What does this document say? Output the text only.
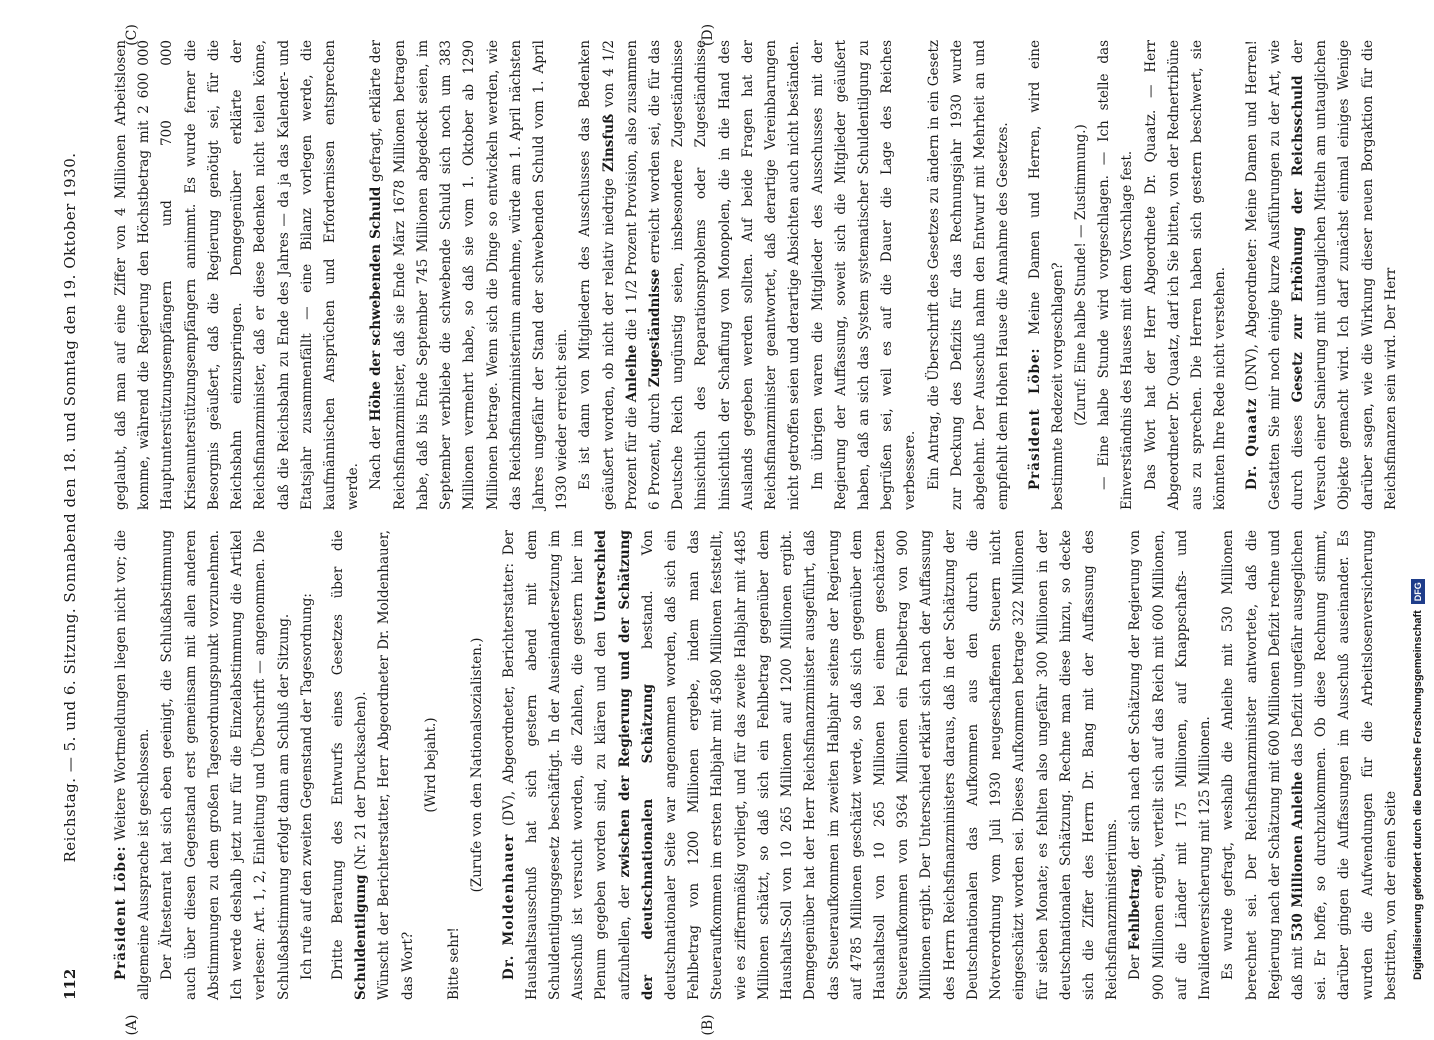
112
Reichstag. — 5. und 6. Sitzung. Sonnabend den 18. und Sonntag den 19. Oktober 1930.
(A)	(B)
(C)	(D)

Präsident Löbe: Weitere Wortmeldungen liegen nicht vor; die allgemeine Aussprache ist geschlossen. Der Ältestenrat hat sich eben geeinigt, die Schlußabstimmung auch über diesen Gegenstand erst gemeinsam mit allen anderen Abstimmungen zu dem großen Tagesordnungspunkt vorzunehmen. Ich werde deshalb jetzt nur für die Einzelabstimmung die Artikel verlesen: Art. 1, 2, Einleitung und Überschrift — angenommen. Die Schlußabstimmung erfolgt dann am Schluß der Sitzung. Ich rufe auf den zweiten Gegenstand der Tagesordnung:	Dritte Beratung des Entwurfs eines Gesetzes über die Schuldentilgung (Nr. 21 der Drucksachen). Wünscht der Berichterstatter, Herr Abgeordneter Dr. Moldenhauer, das Wort?

(Wird bejaht.)

Bitte sehr!

(Zurufe von den Nationalsozialisten.)

Dr. Moldenhauer (DV), Abgeordneter, Berichterstatter: Der Haushaltsausschuß hat sich gestern abend mit dem Schuldentilgungsgesetz beschäftigt. In der Auseinandersetzung im Ausschuß ist versucht worden, die Zahlen, die gestern hier im Plenum gegeben worden sind, zu klären und den Unterschied aufzuhellen, der zwischen der Regierung und der Schätzung der deutschnationalen Schätzung bestand. Von deutschnationaler Seite war angenommen worden, daß sich ein Fehlbetrag von 1200 Millionen ergebe, indem man das Steueraufkommen im ersten Halbjahr mit 4580 Millionen feststellt, wie es ziffernmäßig vorliegt, und für das zweite Halbjahr mit 4485 Millionen schätzt, so daß sich ein Fehlbetrag gegenüber dem Haushalts-Soll von 10 265 Millionen auf 1200 Millionen ergibt. Demgegenüber hat der Herr Reichsfinanzminister ausgeführt, daß das Steueraufkommen im zweiten Halbjahr seitens der Regierung auf 4785 Millionen geschätzt werde, so daß sich gegenüber dem Haushaltsoll von 10 265 Millionen bei einem geschätzten Steueraufkommen von 9364 Millionen ein Fehlbetrag von 900 Millionen ergibt. Der Unterschied erklärt sich nach der Auffassung des Herrn Reichsfinanzministers daraus, daß in der Schätzung der Deutschnationalen das Aufkommen aus den durch die Notverordnung vom Juli 1930 neugeschaffenen Steuern nicht eingeschätzt worden sei. Dieses Aufkommen betrage 322 Millionen für sieben Monate; es fehlten also ungefähr 300 Millionen in der deutschnationalen Schätzung. Rechne man diese hinzu, so decke sich die Ziffer des Herrn Dr. Bang mit der Auffassung des Reichsfinanzministeriums. Der Fehlbetrag, der sich nach der Schätzung der Regierung von 900 Millionen ergibt, verteilt sich auf das Reich mit 600 Millionen, auf die Länder mit 175 Millionen, auf Knappschafts- und Invalidenversicherung mit 125 Millionen. Es wurde gefragt, weshalb die Anleihe mit 530 Millionen berechnet sei. Der Reichsfinanzminister antwortete, daß die Regierung nach der Schätzung mit 600 Millionen Defizit rechne und daß mit 530 Millionen Anleihe das Defizit ungefähr ausgeglichen sei. Er hoffe, so durchzukommen. Ob diese Rechnung stimmt, darüber gingen die Auffassungen im Ausschuß auseinander. Es wurden die Aufwendungen für die Arbeitslosenversicherung bestritten, von der einen Seite

geglaubt, daß man auf eine Ziffer von 4 Millionen Arbeitslosen komme, während die Regierung den Höchstbetrag mit 2 600 000 Hauptunterstützungsempfängern und 700 000 Krisenunterstützungsempfängern annimmt. Es wurde ferner die Besorgnis geäußert, daß die Regierung genötigt sei, für die Reichsbahn einzuspringen. Demgegenüber erklärte der Reichsfinanzminister, daß er diese Bedenken nicht teilen könne, daß die Reichsbahn zu Ende des Jahres — da ja das Kalender- und Etatsjahr zusammenfällt — eine Bilanz vorlegen werde, die kaufmännischen Ansprüchen und Erfordernissen entsprechen werde. Nach der Höhe der schwebenden Schuld gefragt, erklärte der Reichsfinanzminister, daß sie Ende März 1678 Millionen betragen habe, daß bis Ende September 745 Millionen abgedeckt seien, im September verbliebe die schwebende Schuld sich noch um 383 Millionen vermehrt habe, so daß sie vom 1. Oktober ab 1290 Millionen betrage. Wenn sich die Dinge so entwickeln werden, wie das Reichsfinanzministerium annehme, würde am 1. April nächsten Jahres ungefähr der Stand der schwebenden Schuld vom 1. April 1930 wieder erreicht sein. Es ist dann von Mitgliedern des Ausschusses das Bedenken geäußert worden, ob nicht der relativ niedrige Zinsfuß von 4 1/2 Prozent für die Anleihe die 1 1/2 Prozent Provision, also zusammen 6 Prozent, durch Zugeständnisse erreicht worden sei, die für das Deutsche Reich ungünstig seien, insbesondere Zugeständnisse hinsichtlich des Reparationsproblems oder Zugeständnisse hinsichtlich der Schaffung von Monopolen, die in die Hand des Auslands gegeben werden sollten. Auf beide Fragen hat der Reichsfinanzminister geantwortet, daß derartige Vereinbarungen nicht getroffen seien und derartige Absichten auch nicht beständen. Im übrigen waren die Mitglieder des Ausschusses mit der Regierung der Auffassung, soweit sich die Mitglieder geäußert haben, daß an sich das System systematischer Schuldentilgung zu begrüßen sei, weil es auf die Dauer die Lage des Reiches verbessere. Ein Antrag, die Überschrift des Gesetzes zu ändern in ein Gesetz zur Deckung des Defizits für das Rechnungsjahr 1930 wurde abgelehnt. Der Ausschuß nahm den Entwurf mit Mehrheit an und empfiehlt dem Hohen Hause die Annahme des Gesetzes.	Präsident Löbe: Meine Damen und Herren, wird eine bestimmte Redezeit vorgeschlagen? (Zuruf: Eine halbe Stunde! — Zustimmung.) — Eine halbe Stunde wird vorgeschlagen. — Ich stelle das Einverständnis des Hauses mit dem Vorschlage fest. Das Wort hat der Herr Abgeordnete Dr. Quaatz. — Herr Abgeordneter Dr. Quaatz, darf ich Sie bitten, von der Rednertribüne aus zu sprechen. Die Herren haben sich gestern beschwert, sie könnten Ihre Rede nicht verstehen.	Dr. Quaatz (DNV), Abgeordneter: Meine Damen und Herren! Gestatten Sie mir noch einige kurze Ausführungen zu der Art, wie durch dieses Gesetz zur Erhöhung der Reichsschuld der Versuch einer Sanierung mit untauglichen Mitteln am untauglichen Objekte gemacht wird. Ich darf zunächst einmal einiges Wenige darüber sagen, wie die Wirkung dieser neuen Borgaktion für die Reichsfinanzen sein wird. Der Herr

Digitalisierung gefördert durch die Deutsche Forschungsgemeinschaft
DFG
